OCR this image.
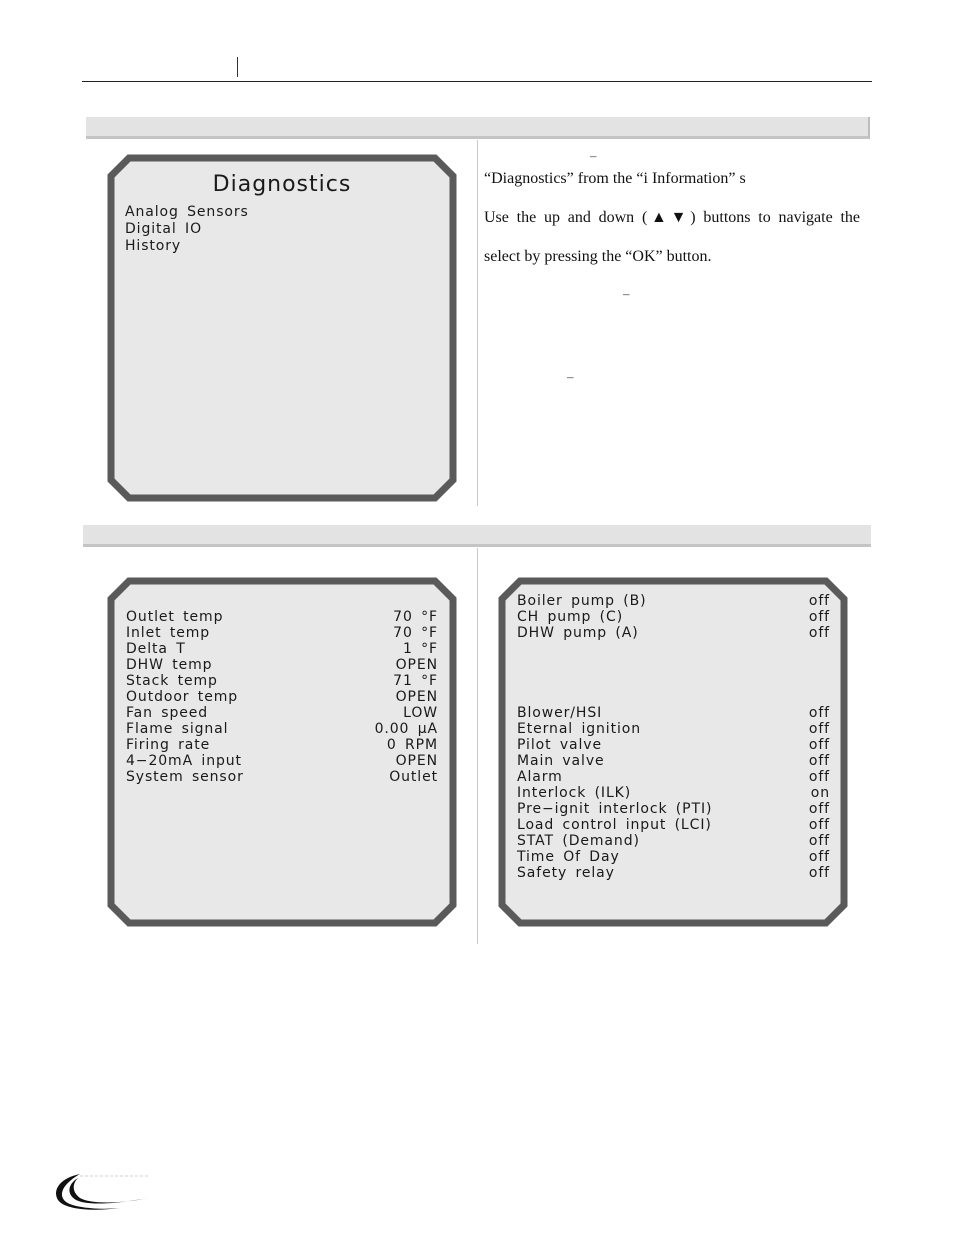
Diagnostics
Analog Sensors
Digital IO
History
–
“Diagnostics” from the “i Information” s
Use the up and down (▲▼) buttons to navigate the
select by pressing the “OK” button.
–
–
Outlet temp	70 °F
Inlet temp	70 °F
Delta T	1 °F
DHW temp	OPEN
Stack temp	71 °F
Outdoor temp	OPEN
Fan speed	LOW
Flame signal	0.00 μA
Firing rate	0 RPM
4−20mA input	OPEN
System sensor	Outlet
Boiler pump (B)	off
CH pump (C)	off
DHW pump (A)	off
Blower/HSI	off
Eternal ignition	off
Pilot valve	off
Main valve	off
Alarm	off
Interlock (ILK)	on
Pre−ignit interlock (PTI)	off
Load control input (LCI)	off
STAT (Demand)	off
Time Of Day	off
Safety relay	off
